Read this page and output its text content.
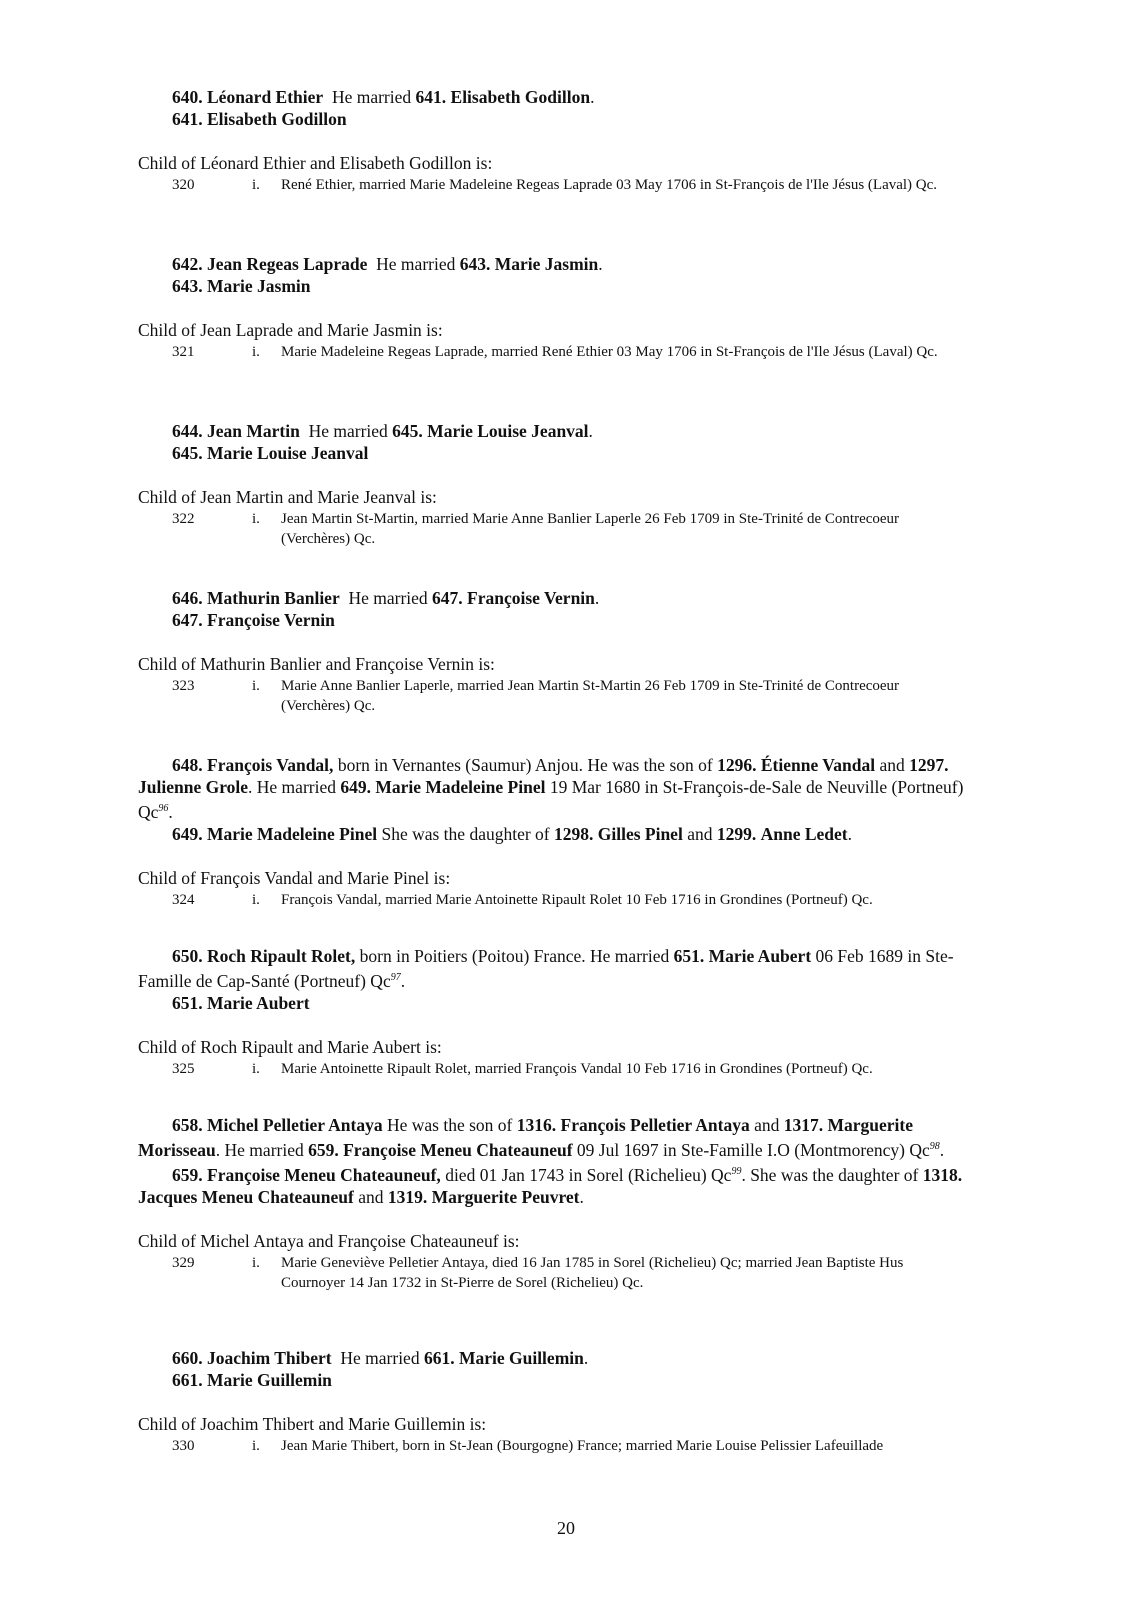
640. Léonard Ethier He married 641. Elisabeth Godillon.

641. Elisabeth Godillon

Child of Léonard Ethier and Elisabeth Godillon is:

320	i. René Ethier, married Marie Madeleine Regeas Laprade 03 May 1706 in St-François de l'Ile Jésus (Laval) Qc.

642. Jean Regeas Laprade He married 643. Marie Jasmin.

643. Marie Jasmin

Child of Jean Laprade and Marie Jasmin is:

321	i. Marie Madeleine Regeas Laprade, married René Ethier 03 May 1706 in St-François de l'Ile Jésus (Laval) Qc.

644. Jean Martin He married 645. Marie Louise Jeanval.

645. Marie Louise Jeanval

Child of Jean Martin and Marie Jeanval is:

322	i. Jean Martin St-Martin, married Marie Anne Banlier Laperle 26 Feb 1709 in Ste-Trinité de Contrecoeur (Verchères) Qc.

646. Mathurin Banlier He married 647. Françoise Vernin.

647. Françoise Vernin

Child of Mathurin Banlier and Françoise Vernin is:

323	i. Marie Anne Banlier Laperle, married Jean Martin St-Martin 26 Feb 1709 in Ste-Trinité de Contrecoeur (Verchères) Qc.

648. François Vandal, born in Vernantes (Saumur) Anjou. He was the son of 1296. Étienne Vandal and 1297. Julienne Grole. He married 649. Marie Madeleine Pinel 19 Mar 1680 in St-François-de-Sale de Neuville (Portneuf) Qc$^{96}$.

649. Marie Madeleine Pinel She was the daughter of 1298. Gilles Pinel and 1299. Anne Ledet.

Child of François Vandal and Marie Pinel is:

324	i. François Vandal, married Marie Antoinette Ripault Rolet 10 Feb 1716 in Grondines (Portneuf) Qc.

650. Roch Ripault Rolet, born in Poitiers (Poitou) France. He married 651. Marie Aubert 06 Feb 1689 in Ste-Famille de Cap-Santé (Portneuf) Qc$^{97}$.

651. Marie Aubert

Child of Roch Ripault and Marie Aubert is:

325	i. Marie Antoinette Ripault Rolet, married François Vandal 10 Feb 1716 in Grondines (Portneuf) Qc.

658. Michel Pelletier Antaya He was the son of 1316. François Pelletier Antaya and 1317. Marguerite Morisseau. He married 659. Françoise Meneu Chateauneuf 09 Jul 1697 in Ste-Famille I.O (Montmorency) Qc$^{98}$.

659. Françoise Meneu Chateauneuf, died 01 Jan 1743 in Sorel (Richelieu) Qc$^{99}$. She was the daughter of 1318. Jacques Meneu Chateauneuf and 1319. Marguerite Peuvret.

Child of Michel Antaya and Françoise Chateauneuf is:

329	i. Marie Geneviève Pelletier Antaya, died 16 Jan 1785 in Sorel (Richelieu) Qc; married Jean Baptiste Hus Cournoyer 14 Jan 1732 in St-Pierre de Sorel (Richelieu) Qc.

660. Joachim Thibert He married 661. Marie Guillemin.

661. Marie Guillemin

Child of Joachim Thibert and Marie Guillemin is:

330	i. Jean Marie Thibert, born in St-Jean (Bourgogne) France; married Marie Louise Pelissier Lafeuillade
20
